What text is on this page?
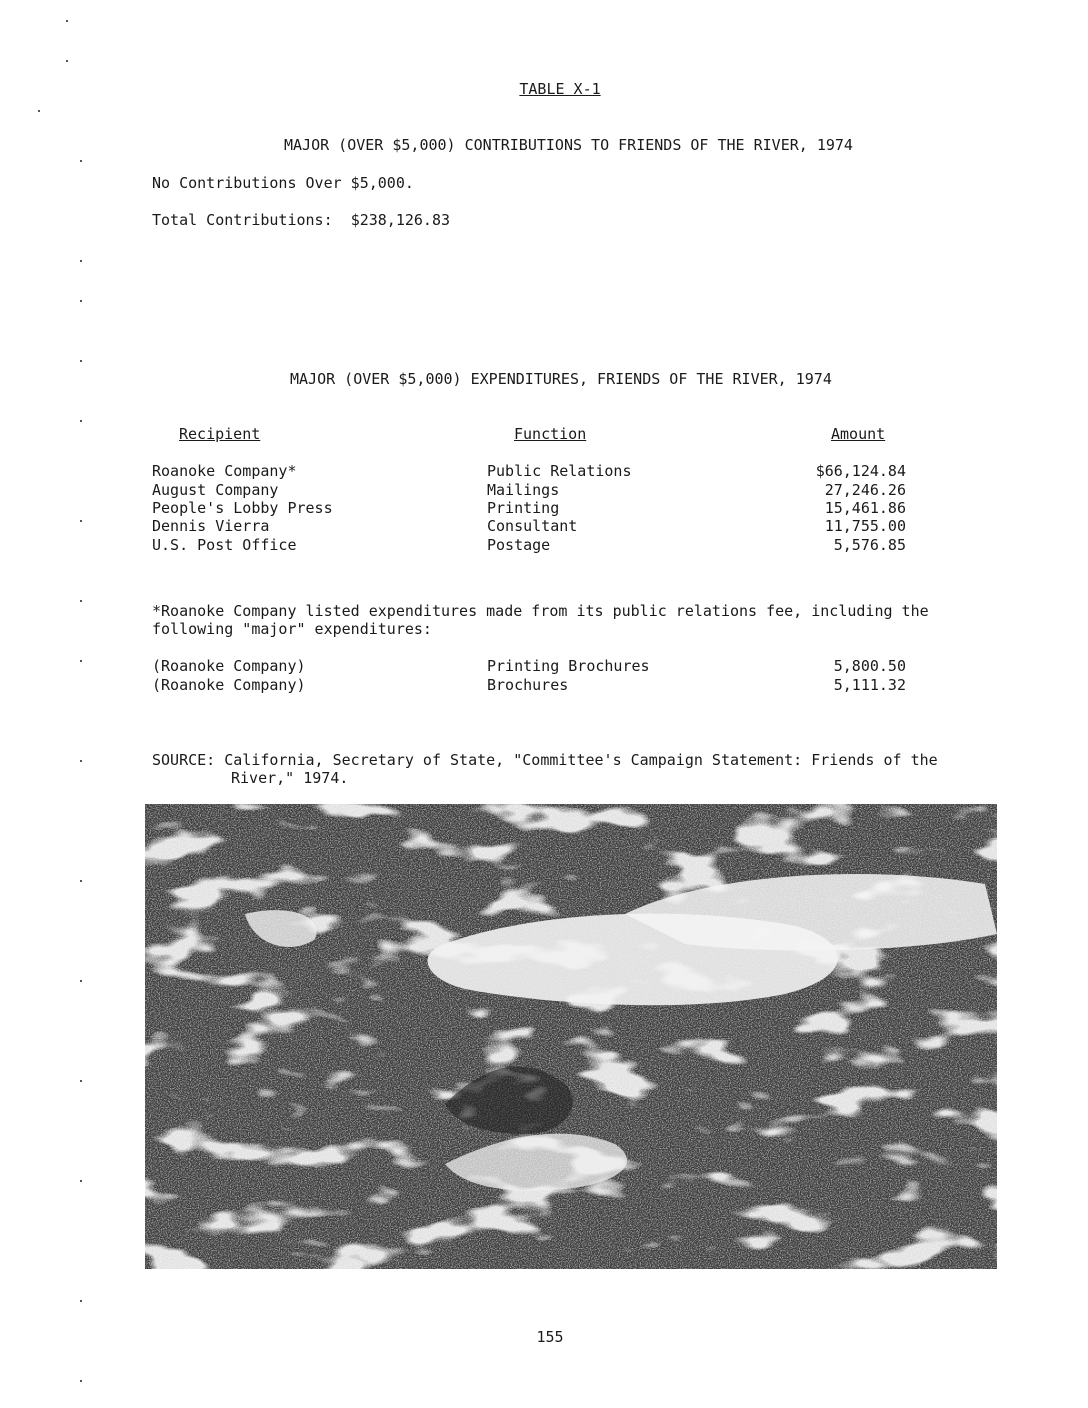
TABLE X-1
MAJOR (OVER $5,000) CONTRIBUTIONS TO FRIENDS OF THE RIVER, 1974
No Contributions Over $5,000.
Total Contributions: $238,126.83
MAJOR (OVER $5,000) EXPENDITURES, FRIENDS OF THE RIVER, 1974
Recipient	Function	Amount
Roanoke Company*	Public Relations	$66,124.84
August Company	Mailings	27,246.26
People's Lobby Press	Printing	15,461.86
Dennis Vierra	Consultant	11,755.00
U.S. Post Office	Postage	5,576.85
*Roanoke Company listed expenditures made from its public relations fee, including the
following "major" expenditures:
(Roanoke Company)	Printing Brochures	5,800.50
(Roanoke Company)	Brochures	5,111.32
SOURCE: California, Secretary of State, "Committee's Campaign Statement: Friends of the
River," 1974.
155
